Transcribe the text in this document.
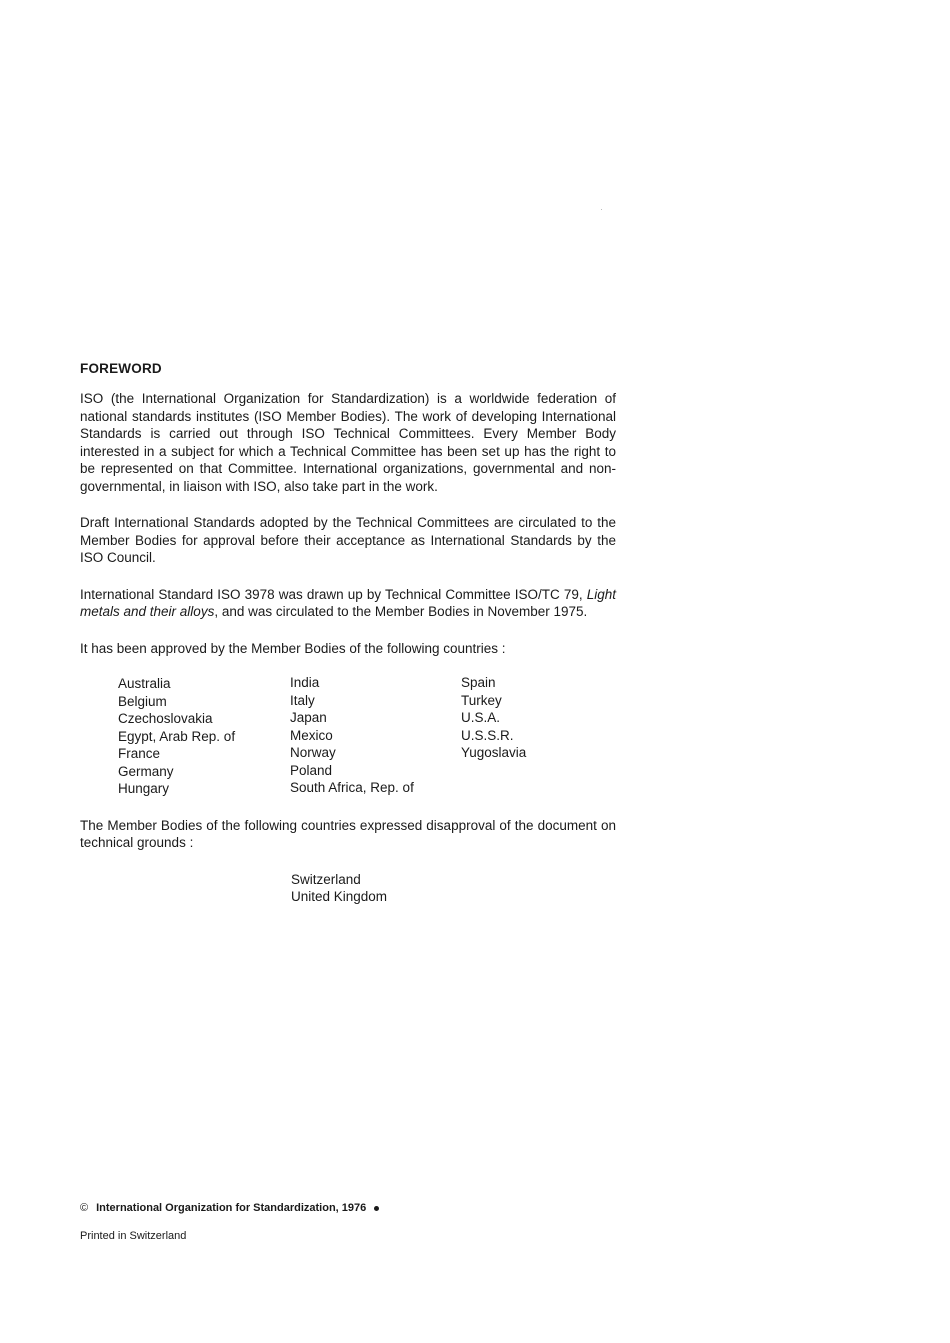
FOREWORD

ISO (the International Organization for Standardization) is a worldwide federation of national standards institutes (ISO Member Bodies). The work of developing International Standards is carried out through ISO Technical Committees. Every Member Body interested in a subject for which a Technical Committee has been set up has the right to be represented on that Committee. International organizations, governmental and non-governmental, in liaison with ISO, also take part in the work.

Draft International Standards adopted by the Technical Committees are circulated to the Member Bodies for approval before their acceptance as International Standards by the ISO Council.

International Standard ISO 3978 was drawn up by Technical Committee ISO/TC 79, Light metals and their alloys, and was circulated to the Member Bodies in November 1975.

It has been approved by the Member Bodies of the following countries :

Australia
Belgium
Czechoslovakia
Egypt, Arab Rep. of
France
Germany
Hungary
India
Italy
Japan
Mexico
Norway
Poland
South Africa, Rep. of
Spain
Turkey
U.S.A.
U.S.S.R.
Yugoslavia

The Member Bodies of the following countries expressed disapproval of the document on technical grounds :

Switzerland
United Kingdom

© International Organization for Standardization, 1976

Printed in Switzerland
